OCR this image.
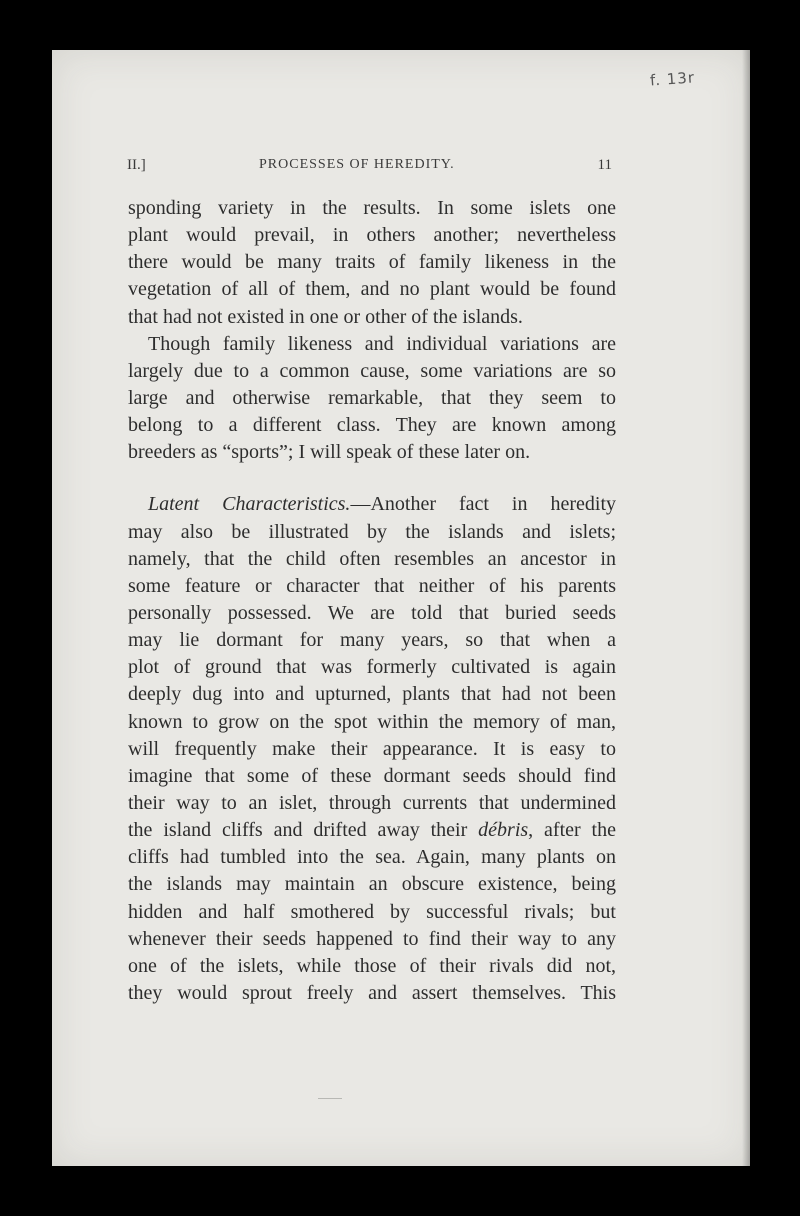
f. 13r
II.]	PROCESSES OF HEREDITY.	11
sponding variety in the results. In some islets one
plant would prevail, in others another; nevertheless
there would be many traits of family likeness in the
vegetation of all of them, and no plant would be found
that had not existed in one or other of the islands.
Though family likeness and individual variations are
largely due to a common cause, some variations are so
large and otherwise remarkable, that they seem to
belong to a different class. They are known among
breeders as “sports”; I will speak of these later on.
Latent Characteristics.—Another fact in heredity
may also be illustrated by the islands and islets;
namely, that the child often resembles an ancestor in
some feature or character that neither of his parents
personally possessed. We are told that buried seeds
may lie dormant for many years, so that when a
plot of ground that was formerly cultivated is again
deeply dug into and upturned, plants that had not been
known to grow on the spot within the memory of man,
will frequently make their appearance. It is easy to
imagine that some of these dormant seeds should find
their way to an islet, through currents that undermined
the island cliffs and drifted away their débris, after the
cliffs had tumbled into the sea. Again, many plants on
the islands may maintain an obscure existence, being
hidden and half smothered by successful rivals; but
whenever their seeds happened to find their way to any
one of the islets, while those of their rivals did not,
they would sprout freely and assert themselves. This
